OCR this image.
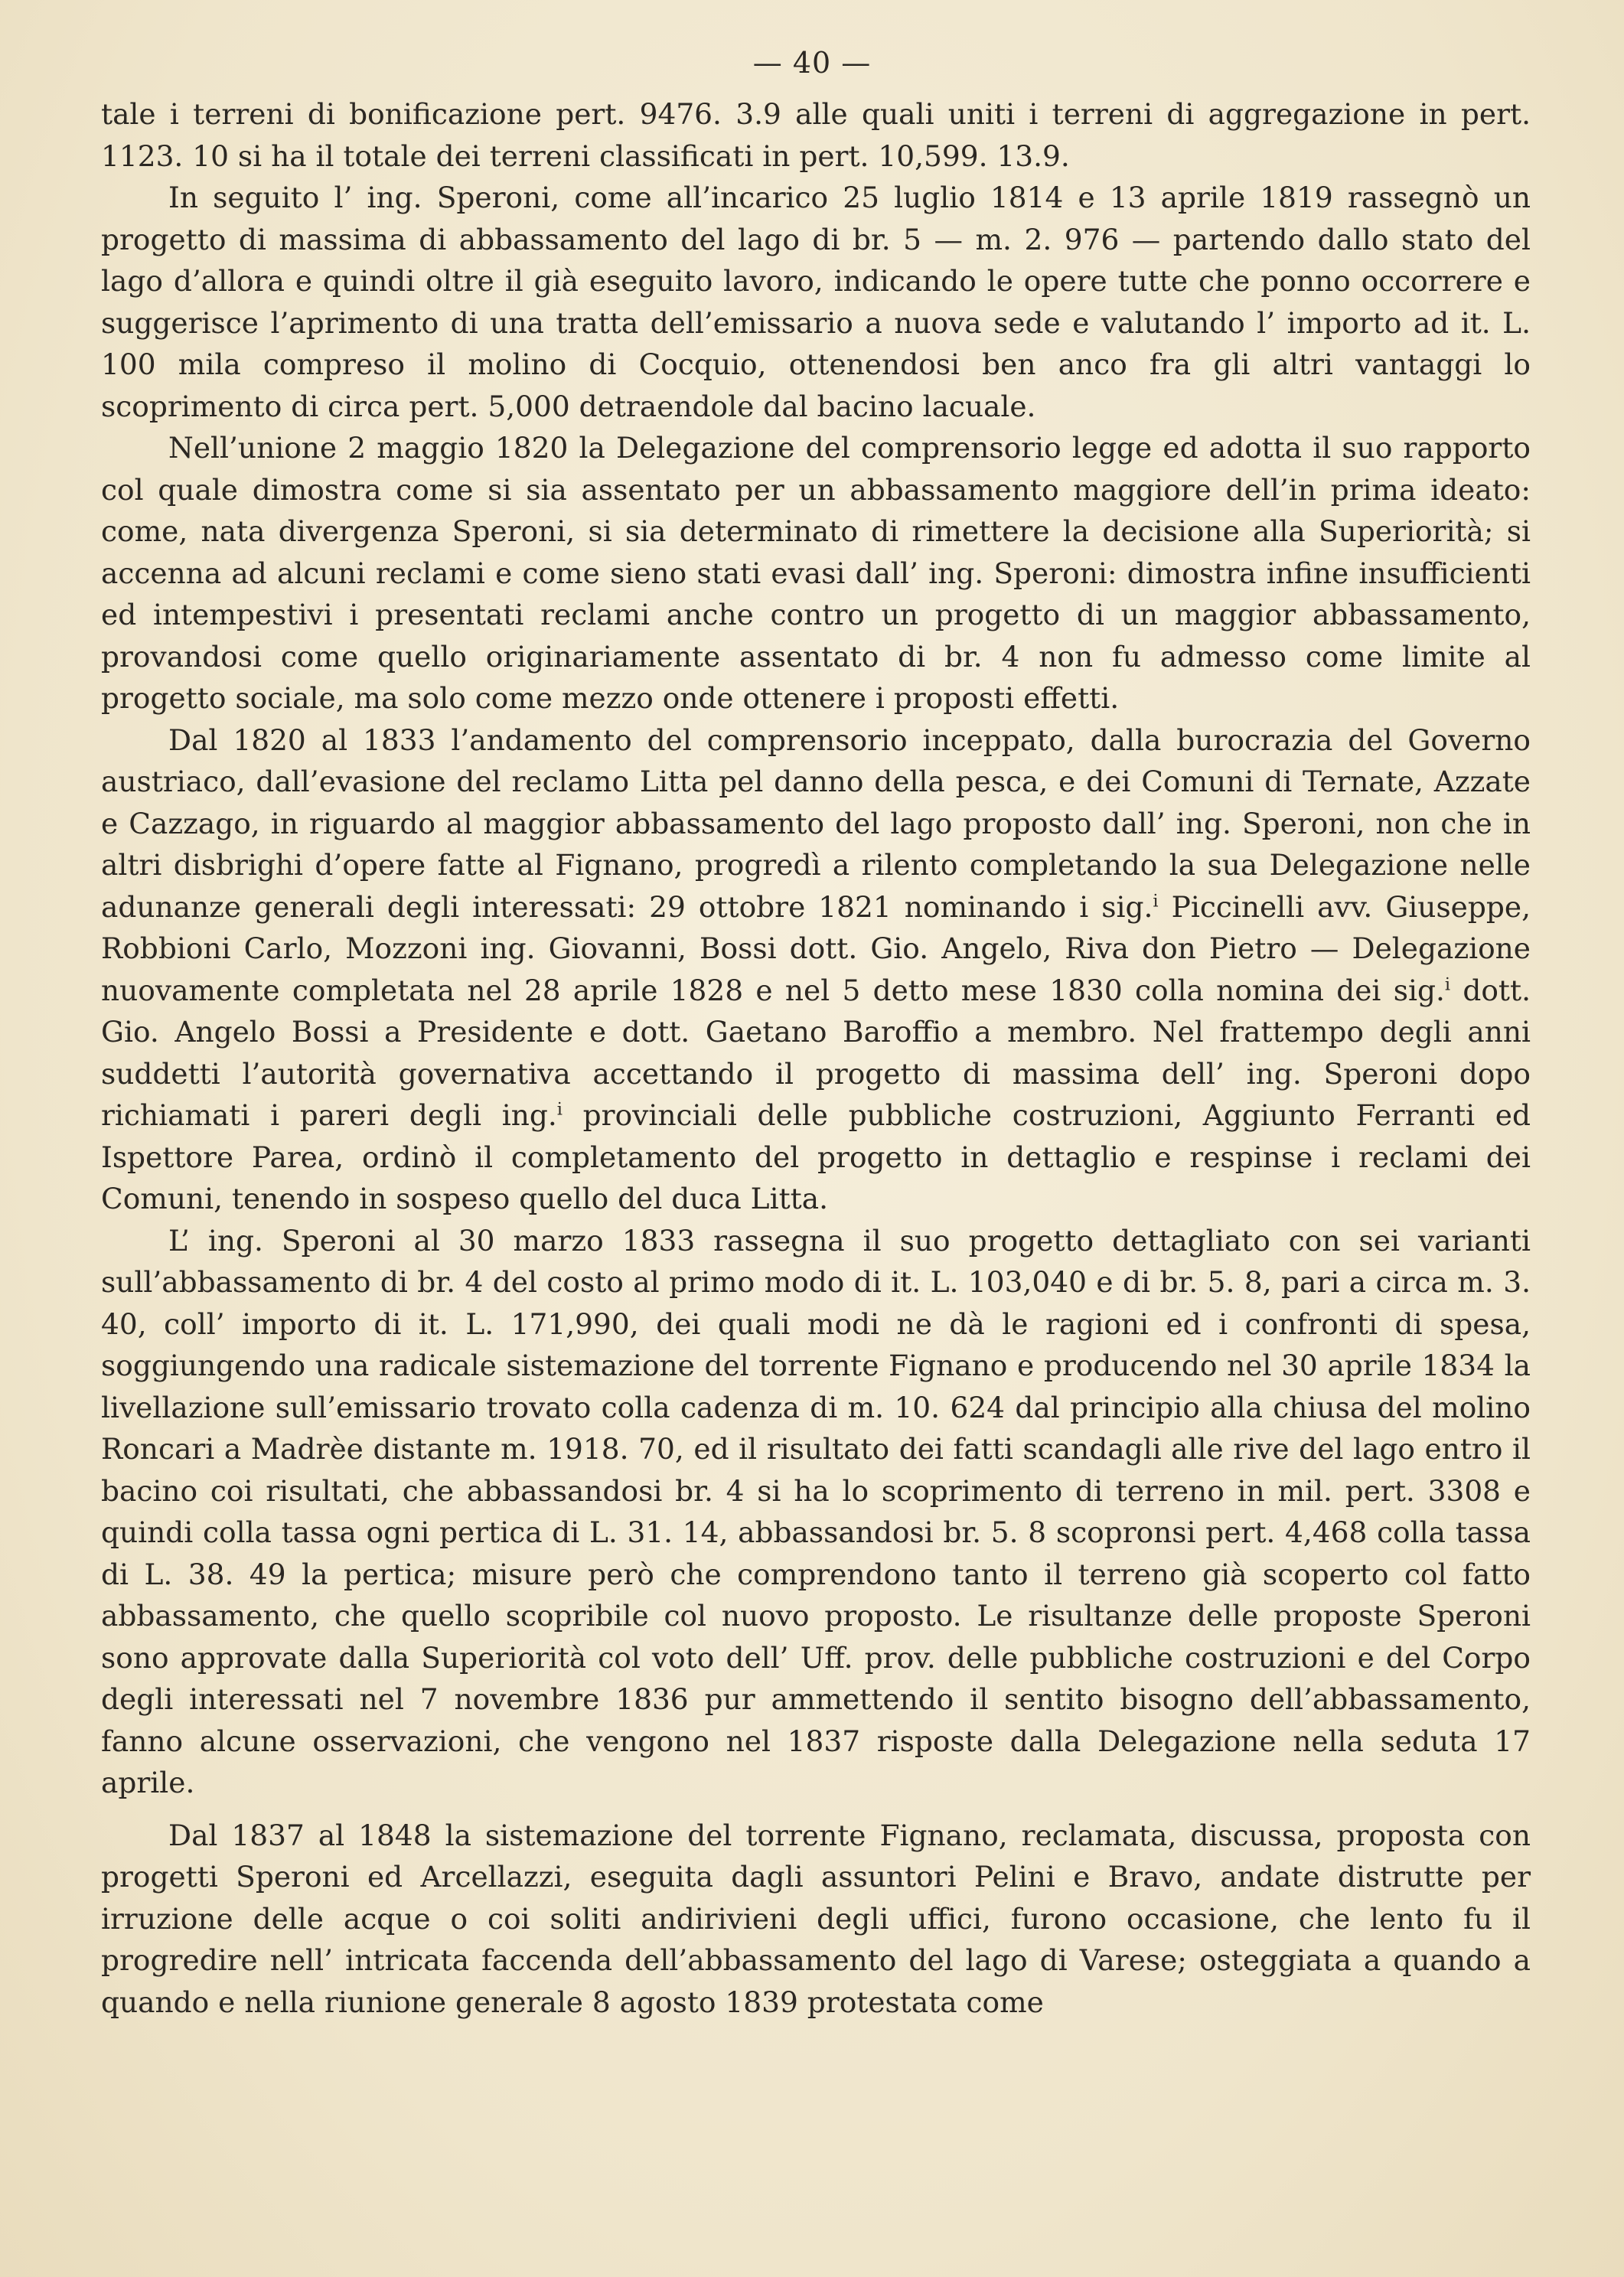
— 40 —

tale i terreni di bonificazione pert. 9476. 3.9 alle quali uniti i terreni di aggregazione in pert. 1123. 10 si ha il totale dei terreni classificati in pert. 10,599. 13.9.

In seguito l’ ing. Speroni, come all’incarico 25 luglio 1814 e 13 aprile 1819 rassegnò un progetto di massima di abbassamento del lago di br. 5 — m. 2. 976 — partendo dallo stato del lago d’allora e quindi oltre il già eseguito lavoro, indicando le opere tutte che ponno occorrere e suggerisce l’aprimento di una tratta dell’emissario a nuova sede e valutando l’ importo ad it. L. 100 mila compreso il molino di Cocquio, ottenendosi ben anco fra gli altri vantaggi lo scoprimento di circa pert. 5,000 detraendole dal bacino lacuale.

Nell’unione 2 maggio 1820 la Delegazione del comprensorio legge ed adotta il suo rapporto col quale dimostra come si sia assentato per un abbassamento maggiore dell’in prima ideato: come, nata divergenza Speroni, si sia determinato di rimettere la decisione alla Superiorità; si accenna ad alcuni reclami e come sieno stati evasi dall’ ing. Speroni: dimostra infine insufficienti ed intempestivi i presentati reclami anche contro un progetto di un maggior abbassamento, provandosi come quello originariamente assentato di br. 4 non fu admesso come limite al progetto sociale, ma solo come mezzo onde ottenere i proposti effetti.

Dal 1820 al 1833 l’andamento del comprensorio inceppato, dalla burocrazia del Governo austriaco, dall’evasione del reclamo Litta pel danno della pesca, e dei Comuni di Ternate, Azzate e Cazzago, in riguardo al maggior abbassamento del lago proposto dall’ ing. Speroni, non che in altri disbrighi d’opere fatte al Fignano, progredì a rilento completando la sua Delegazione nelle adunanze generali degli interessati: 29 ottobre 1821 nominando i sig.$^i$ Piccinelli avv. Giuseppe, Robbioni Carlo, Mozzoni ing. Giovanni, Bossi dott. Gio. Angelo, Riva don Pietro — Delegazione nuovamente completata nel 28 aprile 1828 e nel 5 detto mese 1830 colla nomina dei sig.$^i$ dott. Gio. Angelo Bossi a Presidente e dott. Gaetano Baroffio a membro. Nel frattempo degli anni suddetti l’autorità governativa accettando il progetto di massima dell’ ing. Speroni dopo richiamati i pareri degli ing.$^i$ provinciali delle pubbliche costruzioni, Aggiunto Ferranti ed Ispettore Parea, ordinò il completamento del progetto in dettaglio e respinse i reclami dei Comuni, tenendo in sospeso quello del duca Litta.

L’ ing. Speroni al 30 marzo 1833 rassegna il suo progetto dettagliato con sei varianti sull’abbassamento di br. 4 del costo al primo modo di it. L. 103,040 e di br. 5. 8, pari a circa m. 3. 40, coll’ importo di it. L. 171,990, dei quali modi ne dà le ragioni ed i confronti di spesa, soggiungendo una radicale sistemazione del torrente Fignano e producendo nel 30 aprile 1834 la livellazione sull’emissario trovato colla cadenza di m. 10. 624 dal principio alla chiusa del molino Roncari a Madrèe distante m. 1918. 70, ed il risultato dei fatti scandagli alle rive del lago entro il bacino coi risultati, che abbassandosi br. 4 si ha lo scoprimento di terreno in mil. pert. 3308 e quindi colla tassa ogni pertica di L. 31. 14, abbassandosi br. 5. 8 scopronsi pert. 4,468 colla tassa di L. 38. 49 la pertica; misure però che comprendono tanto il terreno già scoperto col fatto abbassamento, che quello scopribile col nuovo proposto. Le risultanze delle proposte Speroni sono approvate dalla Superiorità col voto dell’ Uff. prov. delle pubbliche costruzioni e del Corpo degli interessati nel 7 novembre 1836 pur ammettendo il sentito bisogno dell’abbassamento, fanno alcune osservazioni, che vengono nel 1837 risposte dalla Delegazione nella seduta 17 aprile.

Dal 1837 al 1848 la sistemazione del torrente Fignano, reclamata, discussa, proposta con progetti Speroni ed Arcellazzi, eseguita dagli assuntori Pelini e Bravo, andate distrutte per irruzione delle acque o coi soliti andirivieni degli uffici, furono occasione, che lento fu il progredire nell’ intricata faccenda dell’abbassamento del lago di Varese; osteggiata a quando a quando e nella riunione generale 8 agosto 1839 protestata come
